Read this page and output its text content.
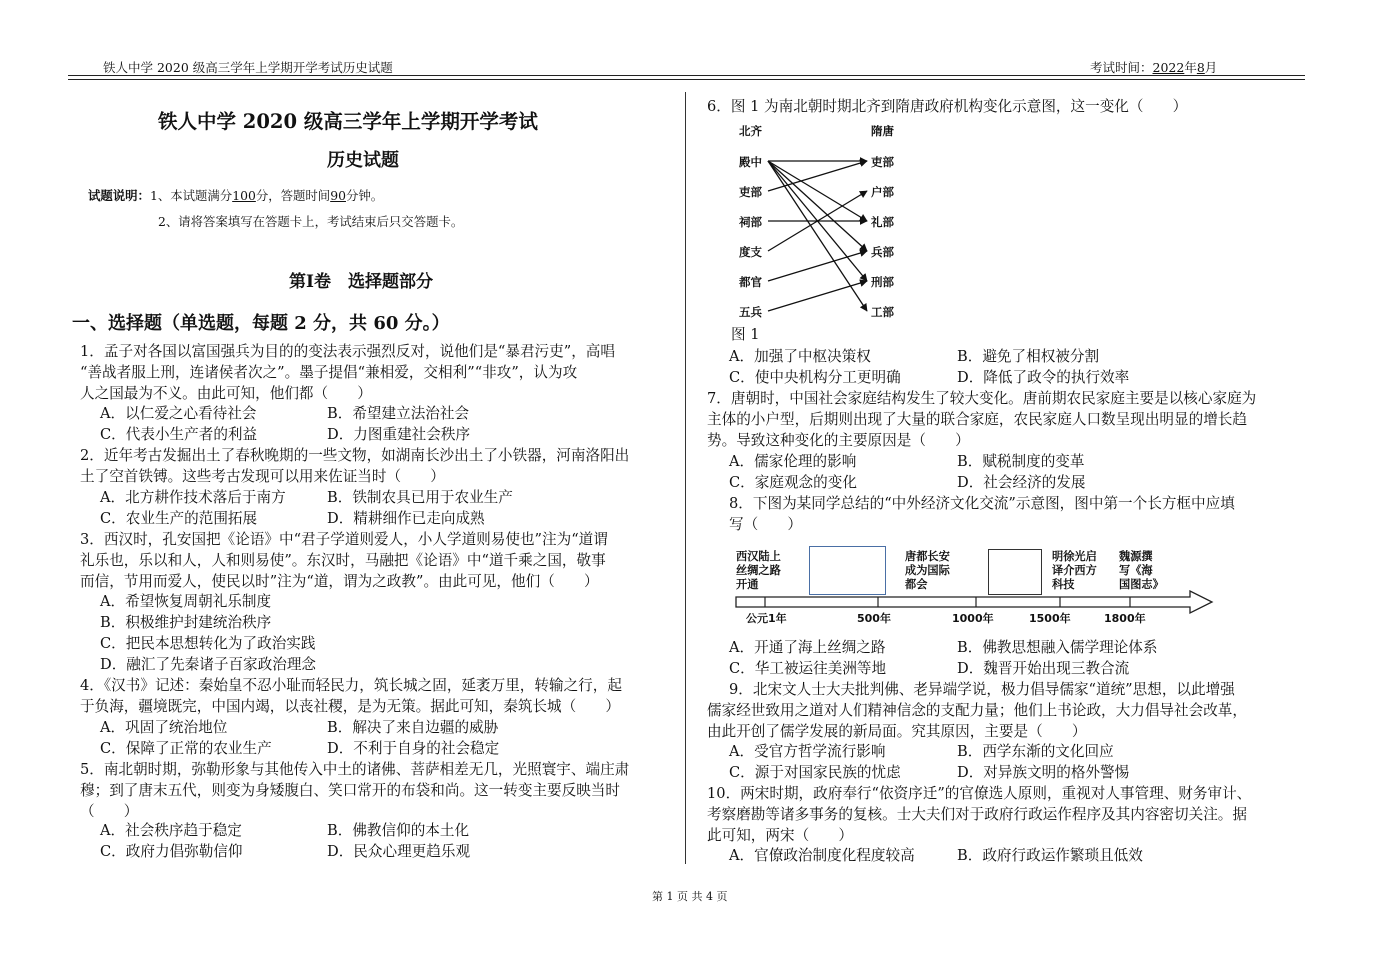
铁人中学 2020 级高三学年上学期开学考试历史试题	考试时间：2022年8月
铁人中学 2020 级高三学年上学期开学考试
历史试题
试题说明：1、本试题满分100分，答题时间90分钟。
2、请将答案填写在答题卡上，考试结束后只交答题卡。
第Ⅰ卷　选择题部分
一、选择题（单选题，每题 2 分，共 60 分。）
1．孟子对各国以富国强兵为目的的变法表示强烈反对，说他们是“暴君污吏”，高唱
“善战者服上刑，连诸侯者次之”。墨子提倡“兼相爱，交相利”“非攻”，认为攻
人之国最为不义。由此可知，他们都（　　）
A．以仁爱之心看待社会	B．希望建立法治社会
C．代表小生产者的利益	D．力图重建社会秩序
2．近年考古发掘出土了春秋晚期的一些文物，如湖南长沙出土了小铁器，河南洛阳出
土了空首铁镈。这些考古发现可以用来佐证当时（　　）
A．北方耕作技术落后于南方	B．铁制农具已用于农业生产
C．农业生产的范围拓展	D．精耕细作已走向成熟
3．西汉时，孔安国把《论语》中“君子学道则爱人，小人学道则易使也”注为“道谓
礼乐也，乐以和人，人和则易使”。东汉时，马融把《论语》中“道千乘之国，敬事
而信，节用而爱人，使民以时”注为“道，谓为之政教”。由此可见，他们（　　）
A．希望恢复周朝礼乐制度
B．积极维护封建统治秩序
C．把民本思想转化为了政治实践
D．融汇了先秦诸子百家政治理念
4．《汉书》记述：秦始皇不忍小耻而轻民力，筑长城之固，延袤万里，转输之行，起
于负海，疆境既完，中国内竭，以丧社稷，是为无策。据此可知，秦筑长城（　　）
A．巩固了统治地位	B．解决了来自边疆的威胁
C．保障了正常的农业生产	D．不利于自身的社会稳定
5．南北朝时期，弥勒形象与其他传入中土的诸佛、菩萨相差无几，光照寰宇、端庄肃
穆；到了唐末五代，则变为身矮腹白、笑口常开的布袋和尚。这一转变主要反映当时
（　　）
A．社会秩序趋于稳定	B．佛教信仰的本土化
C．政府力倡弥勒信仰	D．民众心理更趋乐观
6．图 1 为南北朝时期北齐到隋唐政府机构变化示意图，这一变化（　　）
北齐	隋唐
殿中
吏部
祠部
度支
都官
五兵
吏部
户部
礼部
兵部
刑部
工部
图 1
A．加强了中枢决策权	B．避免了相权被分割
C．使中央机构分工更明确	D．降低了政令的执行效率
7．唐朝时，中国社会家庭结构发生了较大变化。唐前期农民家庭主要是以核心家庭为
主体的小户型，后期则出现了大量的联合家庭，农民家庭人口数呈现出明显的增长趋
势。导致这种变化的主要原因是（　　）
A．儒家伦理的影响	B．赋税制度的变革
C．家庭观念的变化	D．社会经济的发展
8．下图为某同学总结的“中外经济文化交流”示意图，图中第一个长方框中应填
写（　　）
西汉陆上
丝绸之路
开通
唐都长安
成为国际
都会
明徐光启
译介西方
科技
魏源撰
写《海
国图志》
公元1年	500年	1000年	1500年	1800年
A．开通了海上丝绸之路	B．佛教思想融入儒学理论体系
C．华工被运往美洲等地	D．魏晋开始出现三教合流
9．北宋文人士大夫批判佛、老异端学说，极力倡导儒家“道统”思想，以此增强
儒家经世致用之道对人们精神信念的支配力量；他们上书论政，大力倡导社会改革，
由此开创了儒学发展的新局面。究其原因，主要是（　　）
A．受官方哲学流行影响	B．西学东渐的文化回应
C．源于对国家民族的忧虑	D．对异族文明的格外警惕
10．两宋时期，政府奉行“依资序迁”的官僚选人原则，重视对人事管理、财务审计、
考察磨勘等诸多事务的复核。士大夫们对于政府行政运作程序及其内容密切关注。据
此可知，两宋（　　）
A．官僚政治制度化程度较高	B．政府行政运作繁琐且低效
第 1 页 共 4 页
